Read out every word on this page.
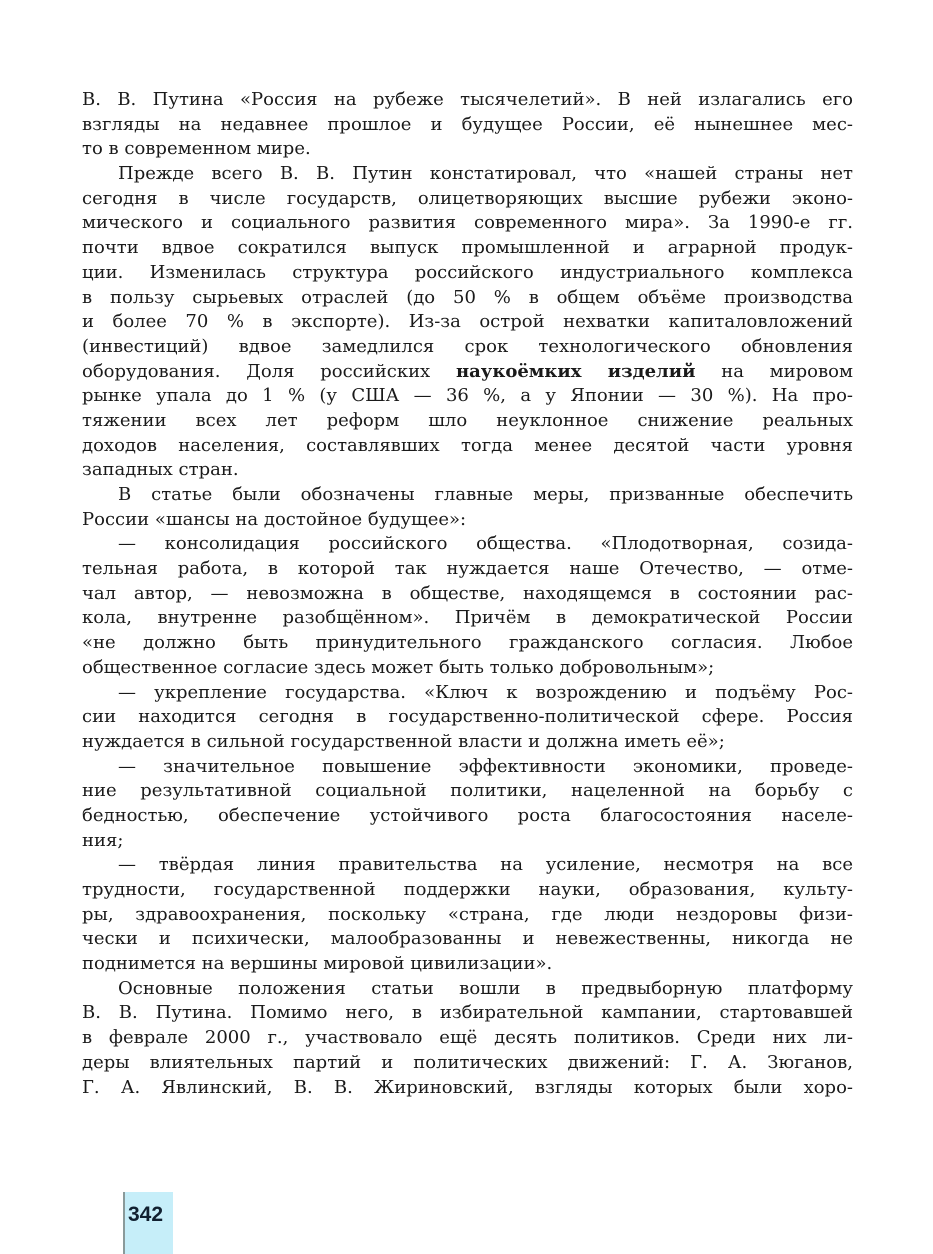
В. В. Путина «Россия на рубеже тысячелетий». В ней излагались его
взгляды на недавнее прошлое и будущее России, её нынешнее мес-
то в современном мире.
Прежде всего В. В. Путин констатировал, что «нашей страны нет
сегодня в числе государств, олицетворяющих высшие рубежи эконо-
мического и социального развития современного мира». За 1990-е гг.
почти вдвое сократился выпуск промышленной и аграрной продук-
ции. Изменилась структура российского индустриального комплекса
в пользу сырьевых отраслей (до 50 % в общем объёме производства
и более 70 % в экспорте). Из-за острой нехватки капиталовложений
(инвестиций) вдвое замедлился срок технологического обновления
оборудования. Доля российских наукоёмких изделий на мировом
рынке упала до 1 % (у США — 36 %, а у Японии — 30 %). На про-
тяжении всех лет реформ шло неуклонное снижение реальных
доходов населения, составлявших тогда менее десятой части уровня
западных стран.
В статье были обозначены главные меры, призванные обеспечить
России «шансы на достойное будущее»:
— консолидация российского общества. «Плодотворная, созида-
тельная работа, в которой так нуждается наше Отечество, — отме-
чал автор, — невозможна в обществе, находящемся в состоянии рас-
кола, внутренне разобщённом». Причём в демократической России
«не должно быть принудительного гражданского согласия. Любое
общественное согласие здесь может быть только добровольным»;
— укрепление государства. «Ключ к возрождению и подъёму Рос-
сии находится сегодня в государственно-политической сфере. Россия
нуждается в сильной государственной власти и должна иметь её»;
— значительное повышение эффективности экономики, проведе-
ние результативной социальной политики, нацеленной на борьбу с
бедностью, обеспечение устойчивого роста благосостояния населе-
ния;
— твёрдая линия правительства на усиление, несмотря на все
трудности, государственной поддержки науки, образования, культу-
ры, здравоохранения, поскольку «страна, где люди нездоровы физи-
чески и психически, малообразованны и невежественны, никогда не
поднимется на вершины мировой цивилизации».
Основные положения статьи вошли в предвыборную платформу
В. В. Путина. Помимо него, в избирательной кампании, стартовавшей
в феврале 2000 г., участвовало ещё десять политиков. Среди них ли-
деры влиятельных партий и политических движений: Г. А. Зюганов,
Г. А. Явлинский, В. В. Жириновский, взгляды которых были хоро-
342
